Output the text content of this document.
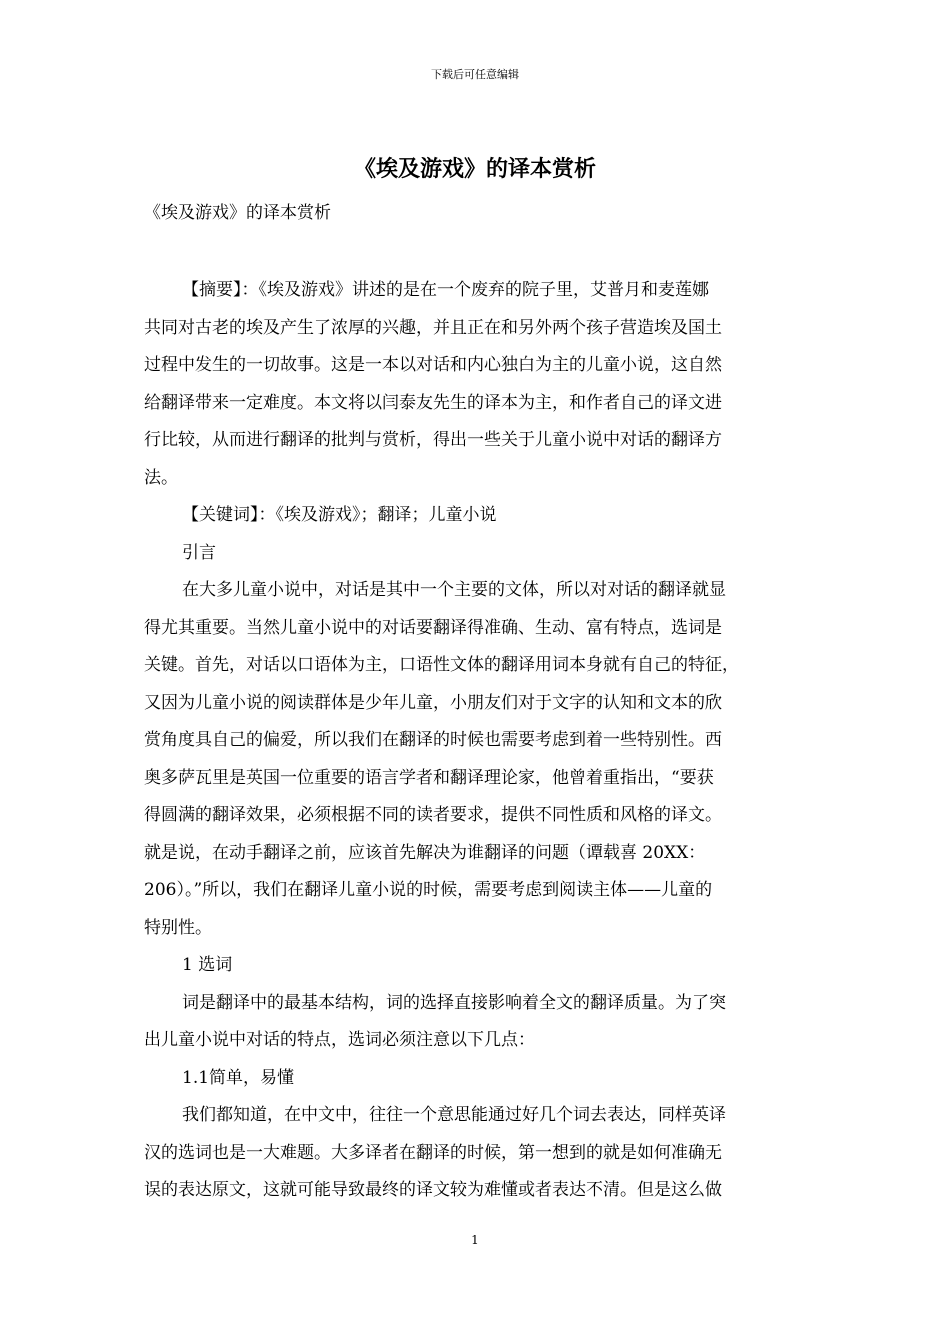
下载后可任意编辑
《埃及游戏》的译本赏析
《埃及游戏》的译本赏析
【摘要】：《埃及游戏》讲述的是在一个废弃的院子里，艾普月和麦莲娜
共同对古老的埃及产生了浓厚的兴趣，并且正在和另外两个孩子营造埃及国土
过程中发生的一切故事。这是一本以对话和内心独白为主的儿童小说，这自然
给翻译带来一定难度。本文将以闫泰友先生的译本为主，和作者自己的译文进
行比较，从而进行翻译的批判与赏析，得出一些关于儿童小说中对话的翻译方
法。
【关键词】：《埃及游戏》；翻译；儿童小说
引言
在大多儿童小说中，对话是其中一个主要的文体，所以对对话的翻译就显
得尤其重要。当然儿童小说中的对话要翻译得准确、生动、富有特点，选词是
关键。首先，对话以口语体为主，口语性文体的翻译用词本身就有自己的特征，
又因为儿童小说的阅读群体是少年儿童，小朋友们对于文字的认知和文本的欣
赏角度具自己的偏爱，所以我们在翻译的时候也需要考虑到着一些特别性。西
奥多萨瓦里是英国一位重要的语言学者和翻译理论家，他曾着重指出，“要获
得圆满的翻译效果，必须根据不同的读者要求，提供不同性质和风格的译文。
就是说，在动手翻译之前，应该首先解决为谁翻译的问题（谭载喜 20XX：
206）。”所以，我们在翻译儿童小说的时候，需要考虑到阅读主体——儿童的
特别性。
1 选词
词是翻译中的最基本结构，词的选择直接影响着全文的翻译质量。为了突
出儿童小说中对话的特点，选词必须注意以下几点：
1.1简单，易懂
我们都知道，在中文中，往往一个意思能通过好几个词去表达，同样英译
汉的选词也是一大难题。大多译者在翻译的时候，第一想到的就是如何准确无
误的表达原文，这就可能导致最终的译文较为难懂或者表达不清。但是这么做
1
